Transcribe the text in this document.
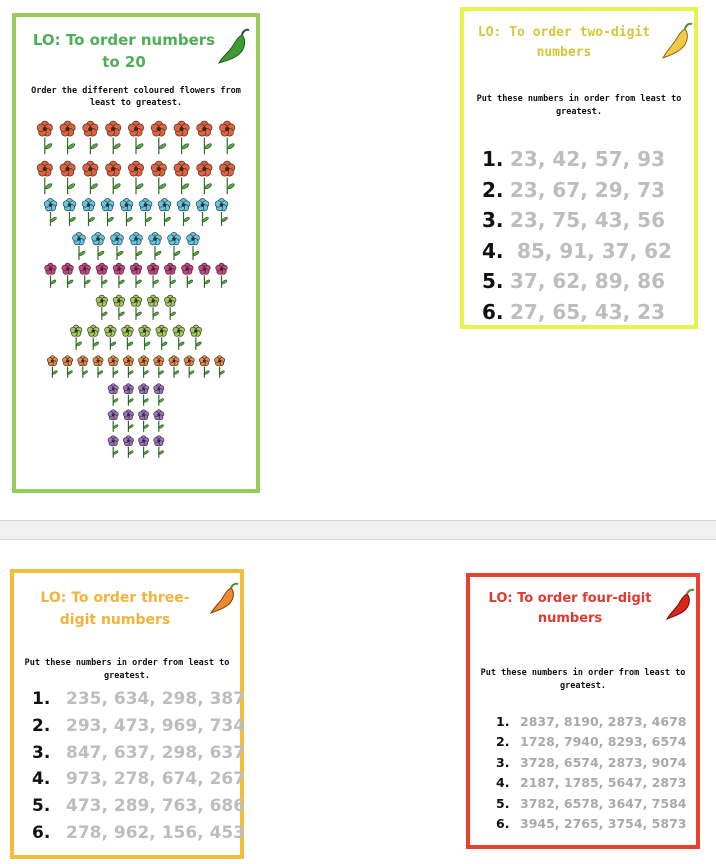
LO: To order numbers
to 20
Order the different coloured flowers from
least to greatest.
LO: To order two-digit
numbers
Put these numbers in order from least to
greatest.
1. 23, 42, 57, 93
2. 23, 67, 29, 73
3. 23, 75, 43, 56
4. 85, 91, 37, 62
5. 37, 62, 89, 86
6. 27, 65, 43, 23
LO: To order three-
digit numbers
Put these numbers in order from least to
greatest.
1. 235, 634, 298, 387
2. 293, 473, 969, 734
3. 847, 637, 298, 637
4. 973, 278, 674, 267
5. 473, 289, 763, 686
6. 278, 962, 156, 453
LO: To order four-digit
numbers
Put these numbers in order from least to
greatest.
1. 2837, 8190, 2873, 4678
2. 1728, 7940, 8293, 6574
3. 3728, 6574, 2873, 9074
4. 2187, 1785, 5647, 2873
5. 3782, 6578, 3647, 7584
6. 3945, 2765, 3754, 5873
